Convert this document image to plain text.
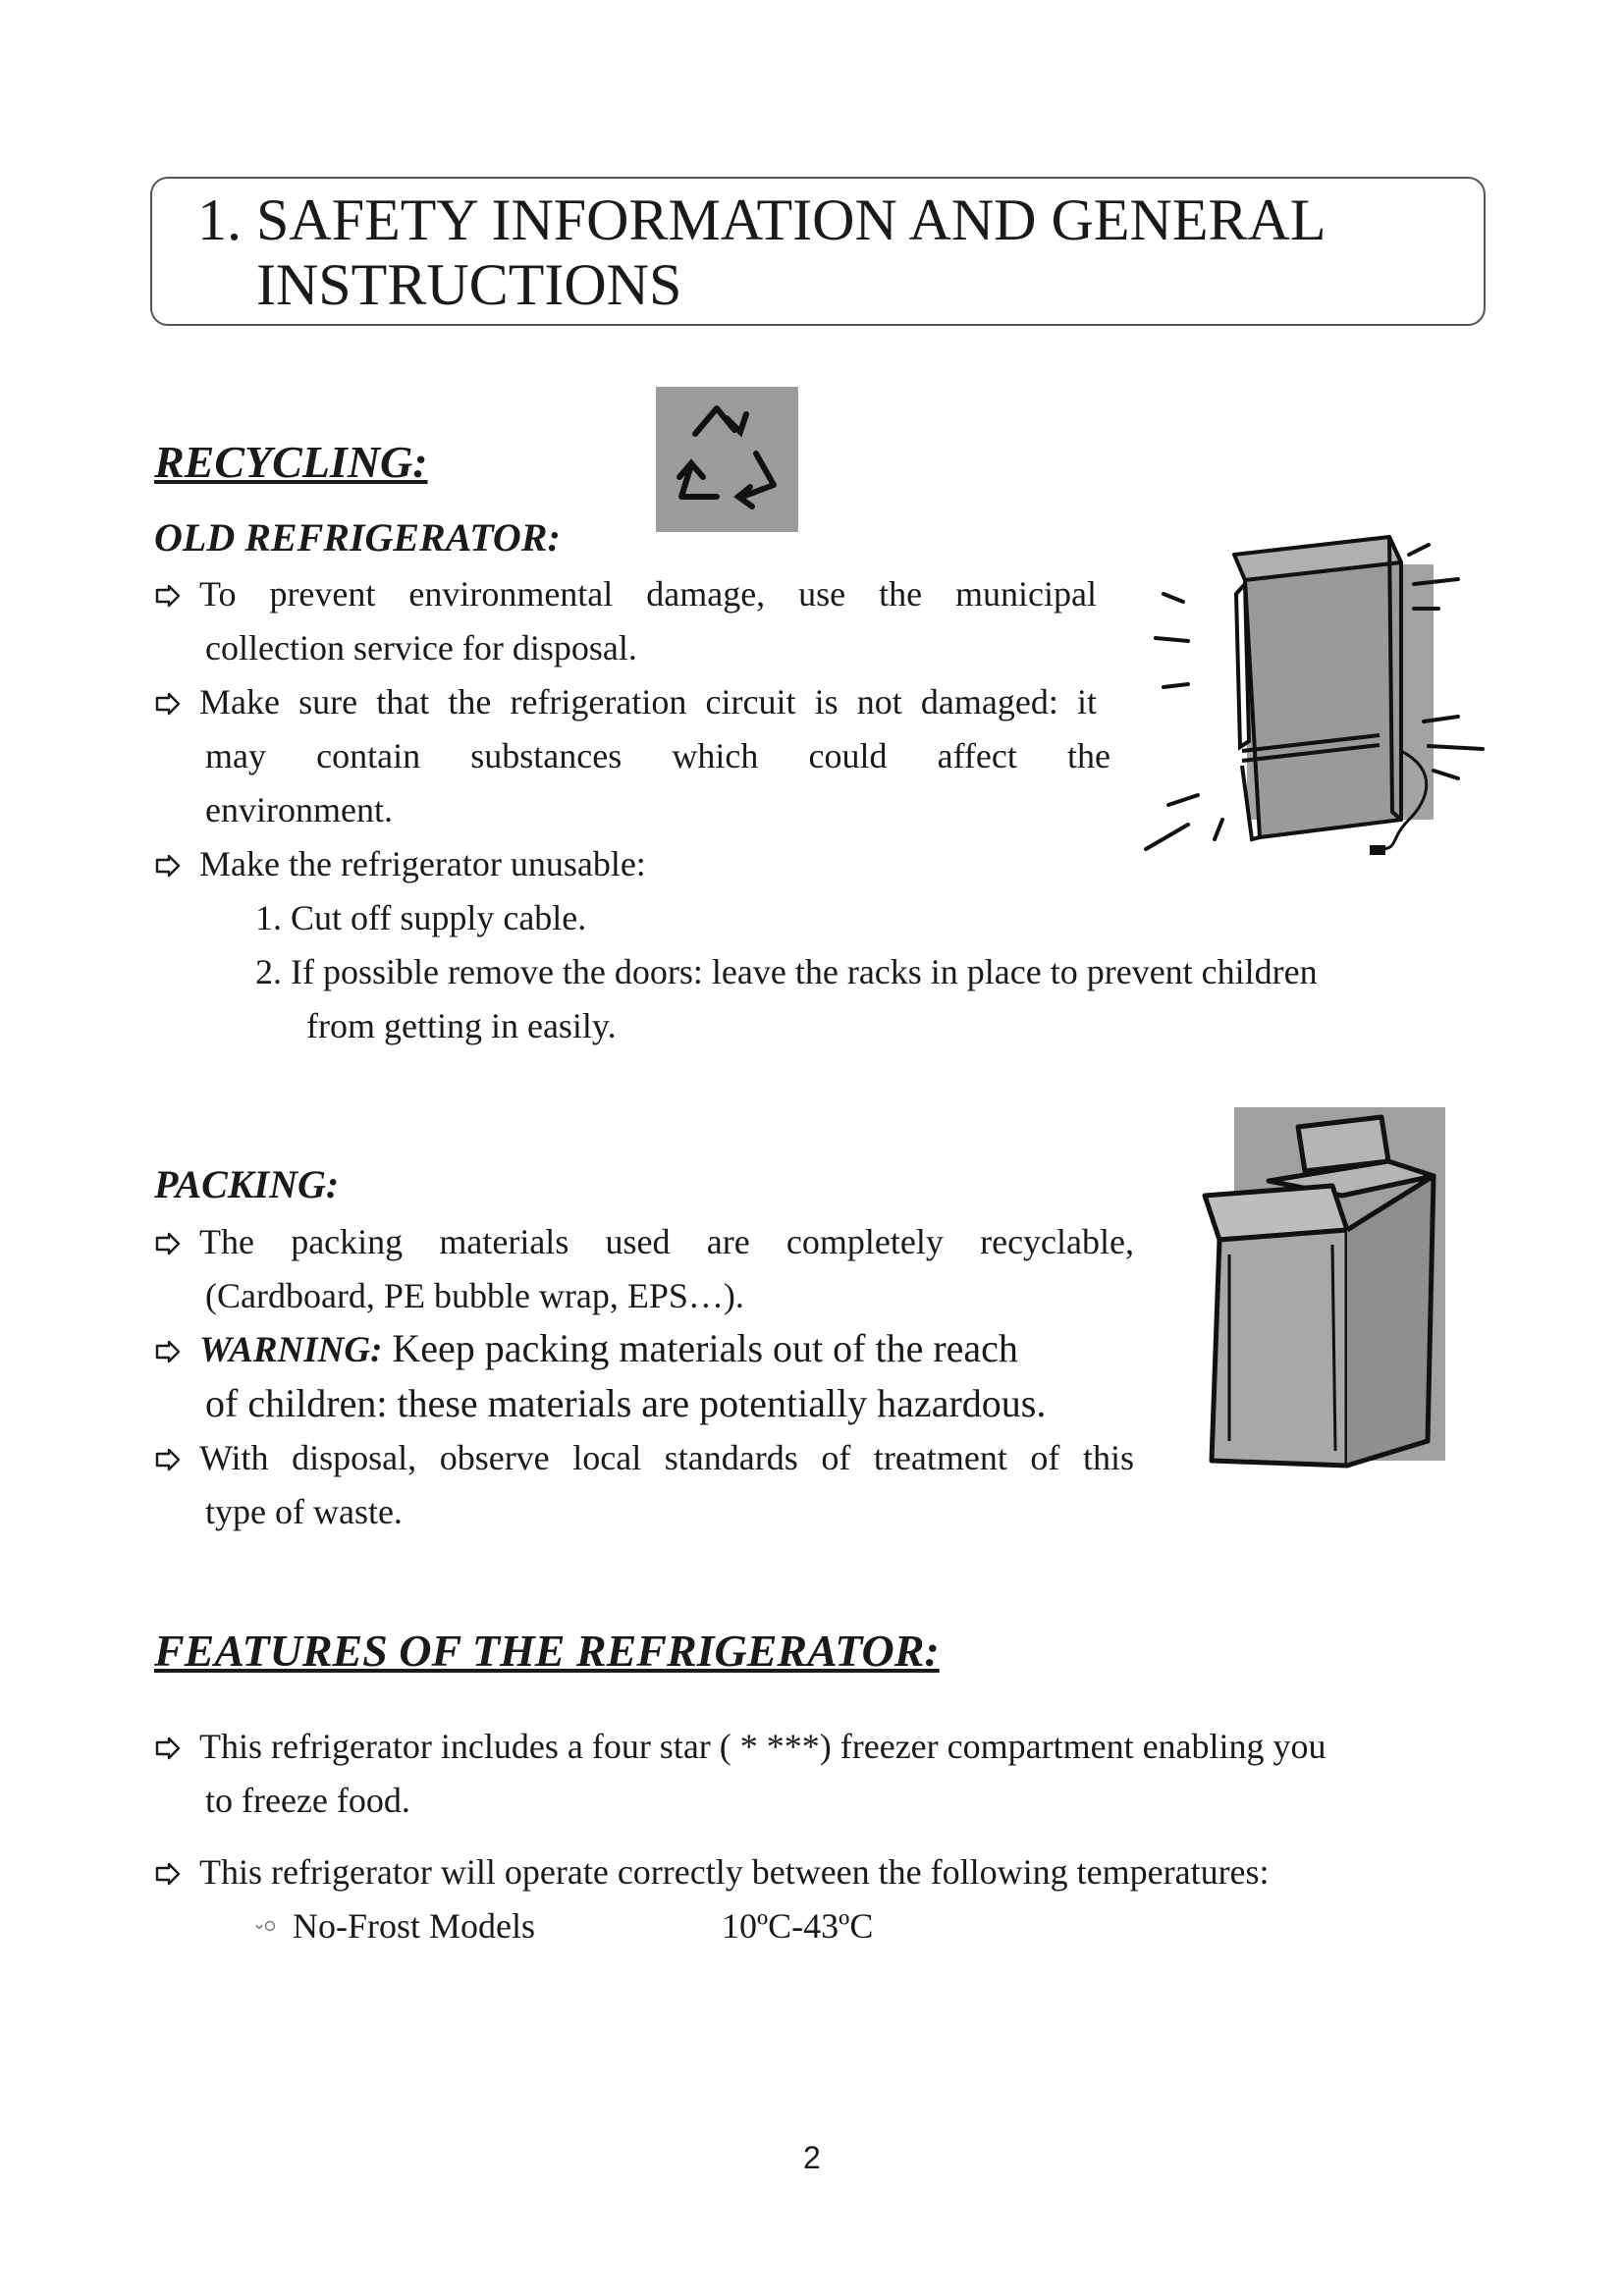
1. SAFETY INFORMATION AND GENERAL
INSTRUCTIONS
RECYCLING:
OLD REFRIGERATOR:
To prevent environmental damage, use the municipal
collection service for disposal.
Make sure that the refrigeration circuit is not damaged: it
may contain substances which could affect the
environment.
Make the refrigerator unusable:
1. Cut off supply cable.
2. If possible remove the doors: leave the racks in place to prevent children
from getting in easily.
PACKING:
The packing materials used are completely recyclable,
(Cardboard, PE bubble wrap, EPS…).
WARNING: Keep packing materials out of the reach
of children: these materials are potentially hazardous.
With disposal, observe local standards of treatment of this
type of waste.
FEATURES OF THE REFRIGERATOR:
This refrigerator includes a four star ( * ***) freezer compartment enabling you
to freeze food.
This refrigerator will operate correctly between the following temperatures:
No-Frost Models	10ºC-43ºC
2
